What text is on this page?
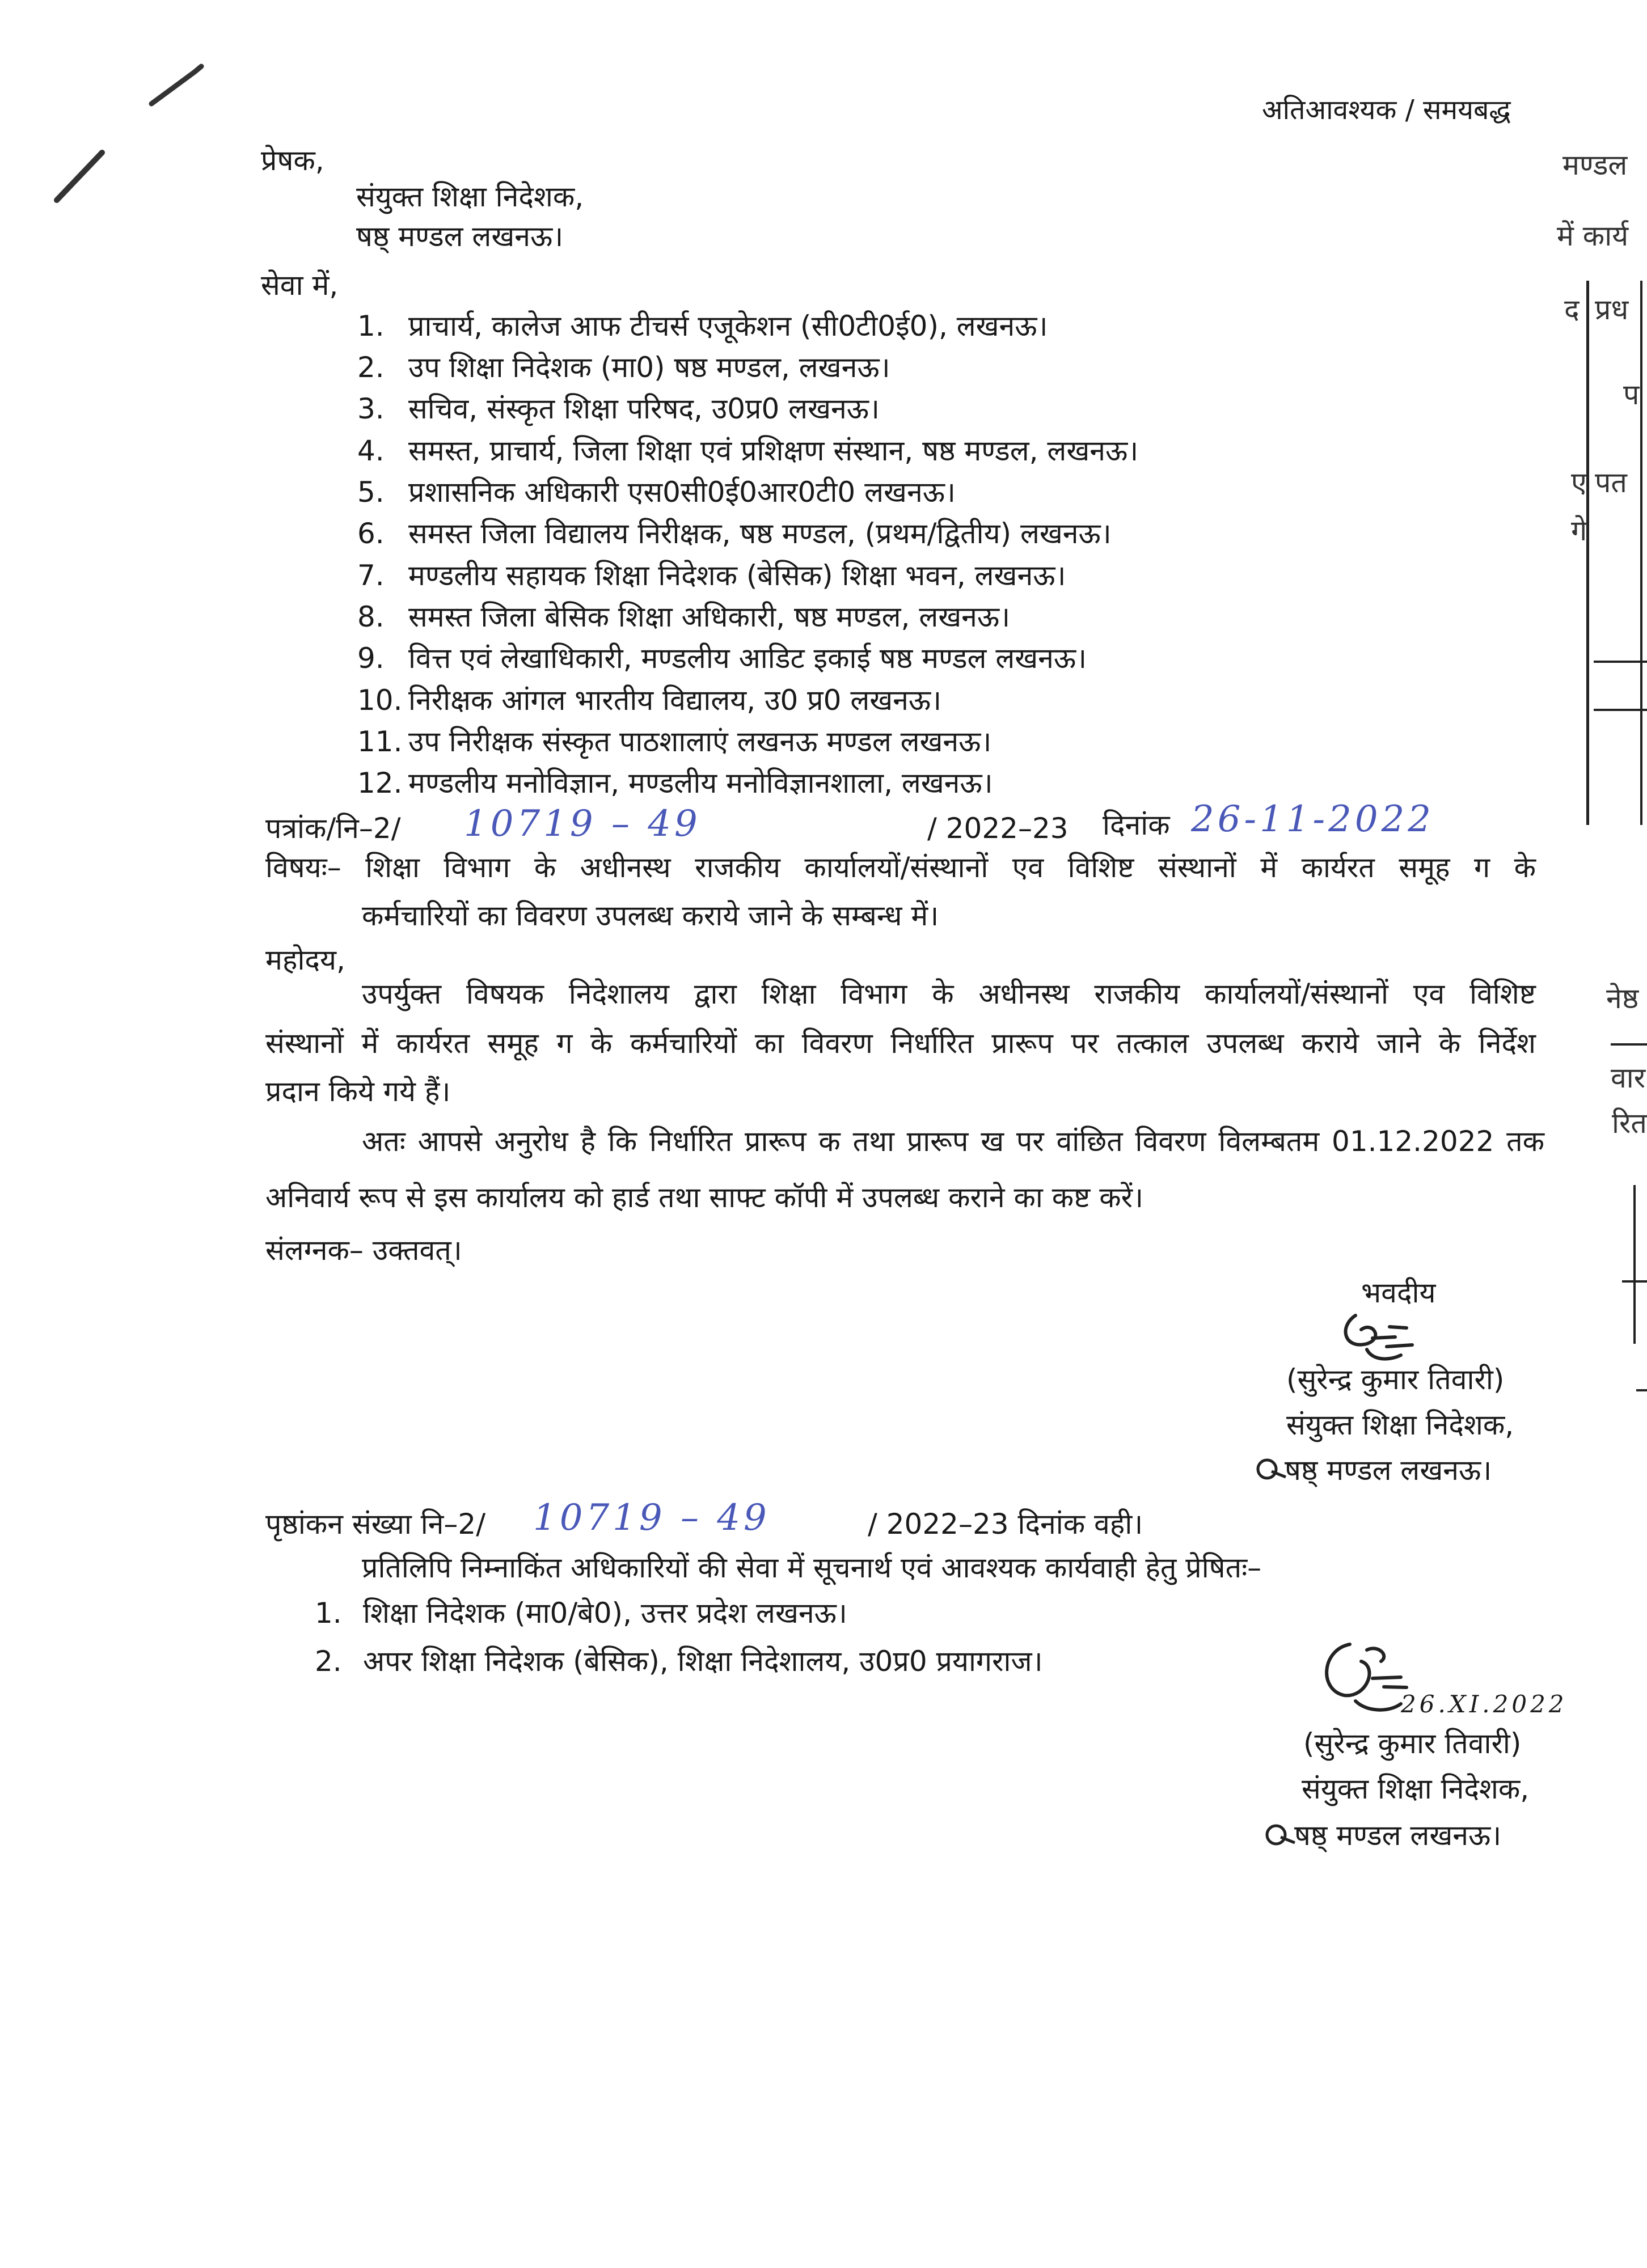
अतिआवश्यक / समयबद्ध
प्रेषक,
संयुक्त शिक्षा निदेशक,
षष्ठ् मण्डल लखनऊ।
सेवा में,
1. प्राचार्य, कालेज आफ टीचर्स एजूकेशन (सी0टी0ई0), लखनऊ।
2. उप शिक्षा निदेशक (मा0) षष्ठ मण्डल, लखनऊ।
3. सचिव, संस्कृत शिक्षा परिषद, उ0प्र0 लखनऊ।
4. समस्त, प्राचार्य, जिला शिक्षा एवं प्रशिक्षण संस्थान, षष्ठ मण्डल, लखनऊ।
5. प्रशासनिक अधिकारी एस0सी0ई0आर0टी0 लखनऊ।
6. समस्त जिला विद्यालय निरीक्षक, षष्ठ मण्डल, (प्रथम/द्वितीय) लखनऊ।
7. मण्डलीय सहायक शिक्षा निदेशक (बेसिक) शिक्षा भवन, लखनऊ।
8. समस्त जिला बेसिक शिक्षा अधिकारी, षष्ठ मण्डल, लखनऊ।
9. वित्त एवं लेखाधिकारी, मण्डलीय आडिट इकाई षष्ठ मण्डल लखनऊ।
10. निरीक्षक आंगल भारतीय विद्यालय, उ0 प्र0 लखनऊ।
11. उप निरीक्षक संस्कृत पाठशालाएं लखनऊ मण्डल लखनऊ।
12. मण्डलीय मनोविज्ञान, मण्डलीय मनोविज्ञानशाला, लखनऊ।
पत्रांक/नि–2/ 10719 – 49	/ 2022–23 दिनांक 26-11-2022
विषयः– शिक्षा विभाग के अधीनस्थ राजकीय कार्यालयों/संस्थानों एव विशिष्ट संस्थानों में कार्यरत समूह ग के
कर्मचारियों का विवरण उपलब्ध कराये जाने के सम्बन्ध में।
महोदय,
उपर्युक्त विषयक निदेशालय द्वारा शिक्षा विभाग के अधीनस्थ राजकीय कार्यालयों/संस्थानों एव विशिष्ट
संस्थानों में कार्यरत समूह ग के कर्मचारियों का विवरण निर्धारित प्रारूप पर तत्काल उपलब्ध कराये जाने के निर्देश
प्रदान किये गये हैं।
अतः आपसे अनुरोध है कि निर्धारित प्रारूप क तथा प्रारूप ख पर वांछित विवरण विलम्बतम 01.12.2022 तक
अनिवार्य रूप से इस कार्यालय को हार्ड तथा साफ्ट कॉपी में उपलब्ध कराने का कष्ट करें।
संलग्नक– उक्तवत्।
भवदीय
(सुरेन्द्र कुमार तिवारी)
संयुक्त शिक्षा निदेशक,
षष्ठ् मण्डल लखनऊ।
पृष्ठांकन संख्या नि–2/ 10719 – 49	/ 2022–23 दिनांक वही।
प्रतिलिपि निम्नाकिंत अधिकारियों की सेवा में सूचनार्थ एवं आवश्यक कार्यवाही हेतु प्रेषितः–
1. शिक्षा निदेशक (मा0/बे0), उत्तर प्रदेश लखनऊ।
2. अपर शिक्षा निदेशक (बेसिक), शिक्षा निदेशालय, उ0प्र0 प्रयागराज।
26.XI.2022
(सुरेन्द्र कुमार तिवारी)
संयुक्त शिक्षा निदेशक,
षष्ठ् मण्डल लखनऊ।
मण्डल
में कार्य
द प्रध
प
ए पत
गे
नेष्ठ
वार
रित
